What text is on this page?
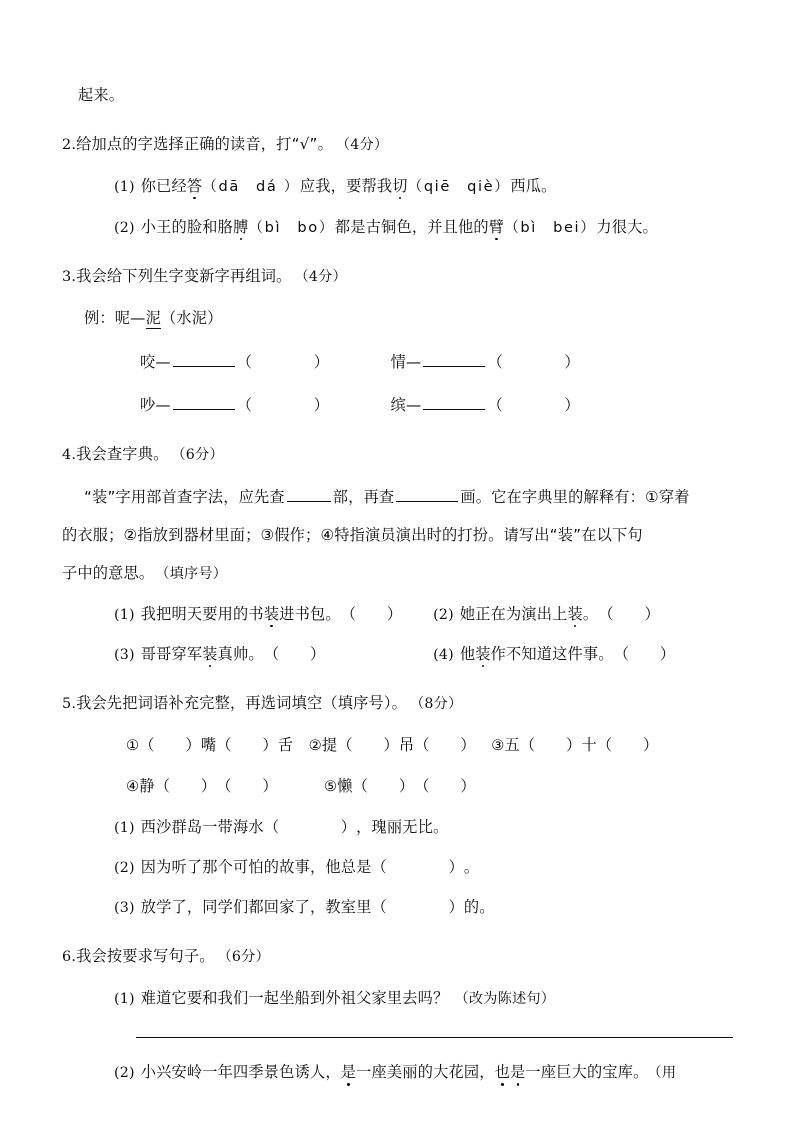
起来。
2.给加点的字选择正确的读音，打“√”。 （4分）
(1) 你已经答（dā　dá ）应我，要帮我切（qiē　qiè）西瓜。
(2) 小王的脸和胳膊（bì　bo）都是古铜色，并且他的臂（bì　bei）力很大。
3.我会给下列生字变新字再组词。 （4分）
例：呢—泥（水泥）
咬—	（　　　　）　　　　	情—	（　　　　）
吵—	（　　　　）　　　　	缤—	（　　　　）
4.我会查字典。 （6分）
“装”字用部首查字法，应先查	部，再查	画。它在字典里的解释有：①穿着
的衣服；②指放到器材里面；③假作；④特指演员演出时的打扮。请写出“装”在以下句
子中的意思。 （填序号）
(1) 我把明天要用的书装进书包。（　　）　　 (2) 她正在为演出上装。（　　）
(3) 哥哥穿军装真帅。（　　）　　　　　　　	(4) 他装作不知道这件事。（　　）
5.我会先把词语补充完整，再选词填空（填序号）。 （8分）
①（　　）嘴（　　）舌　 ②提（　　）吊（　　）　 ③五（　　）十（　　）
④静（　　）（　　）　　　	⑤懒（　　）（　　）
(1) 西沙群岛一带海水（　　　　），瑰丽无比。
(2) 因为听了那个可怕的故事，他总是（　　　　）。
(3) 放学了，同学们都回家了，教室里（　　　　）的。
6.我会按要求写句子。 （6分）
(1) 难道它要和我们一起坐船到外祖父家里去吗？ （改为陈述句）
(2) 小兴安岭一年四季景色诱人，是一座美丽的大花园，也是一座巨大的宝库。 （用
